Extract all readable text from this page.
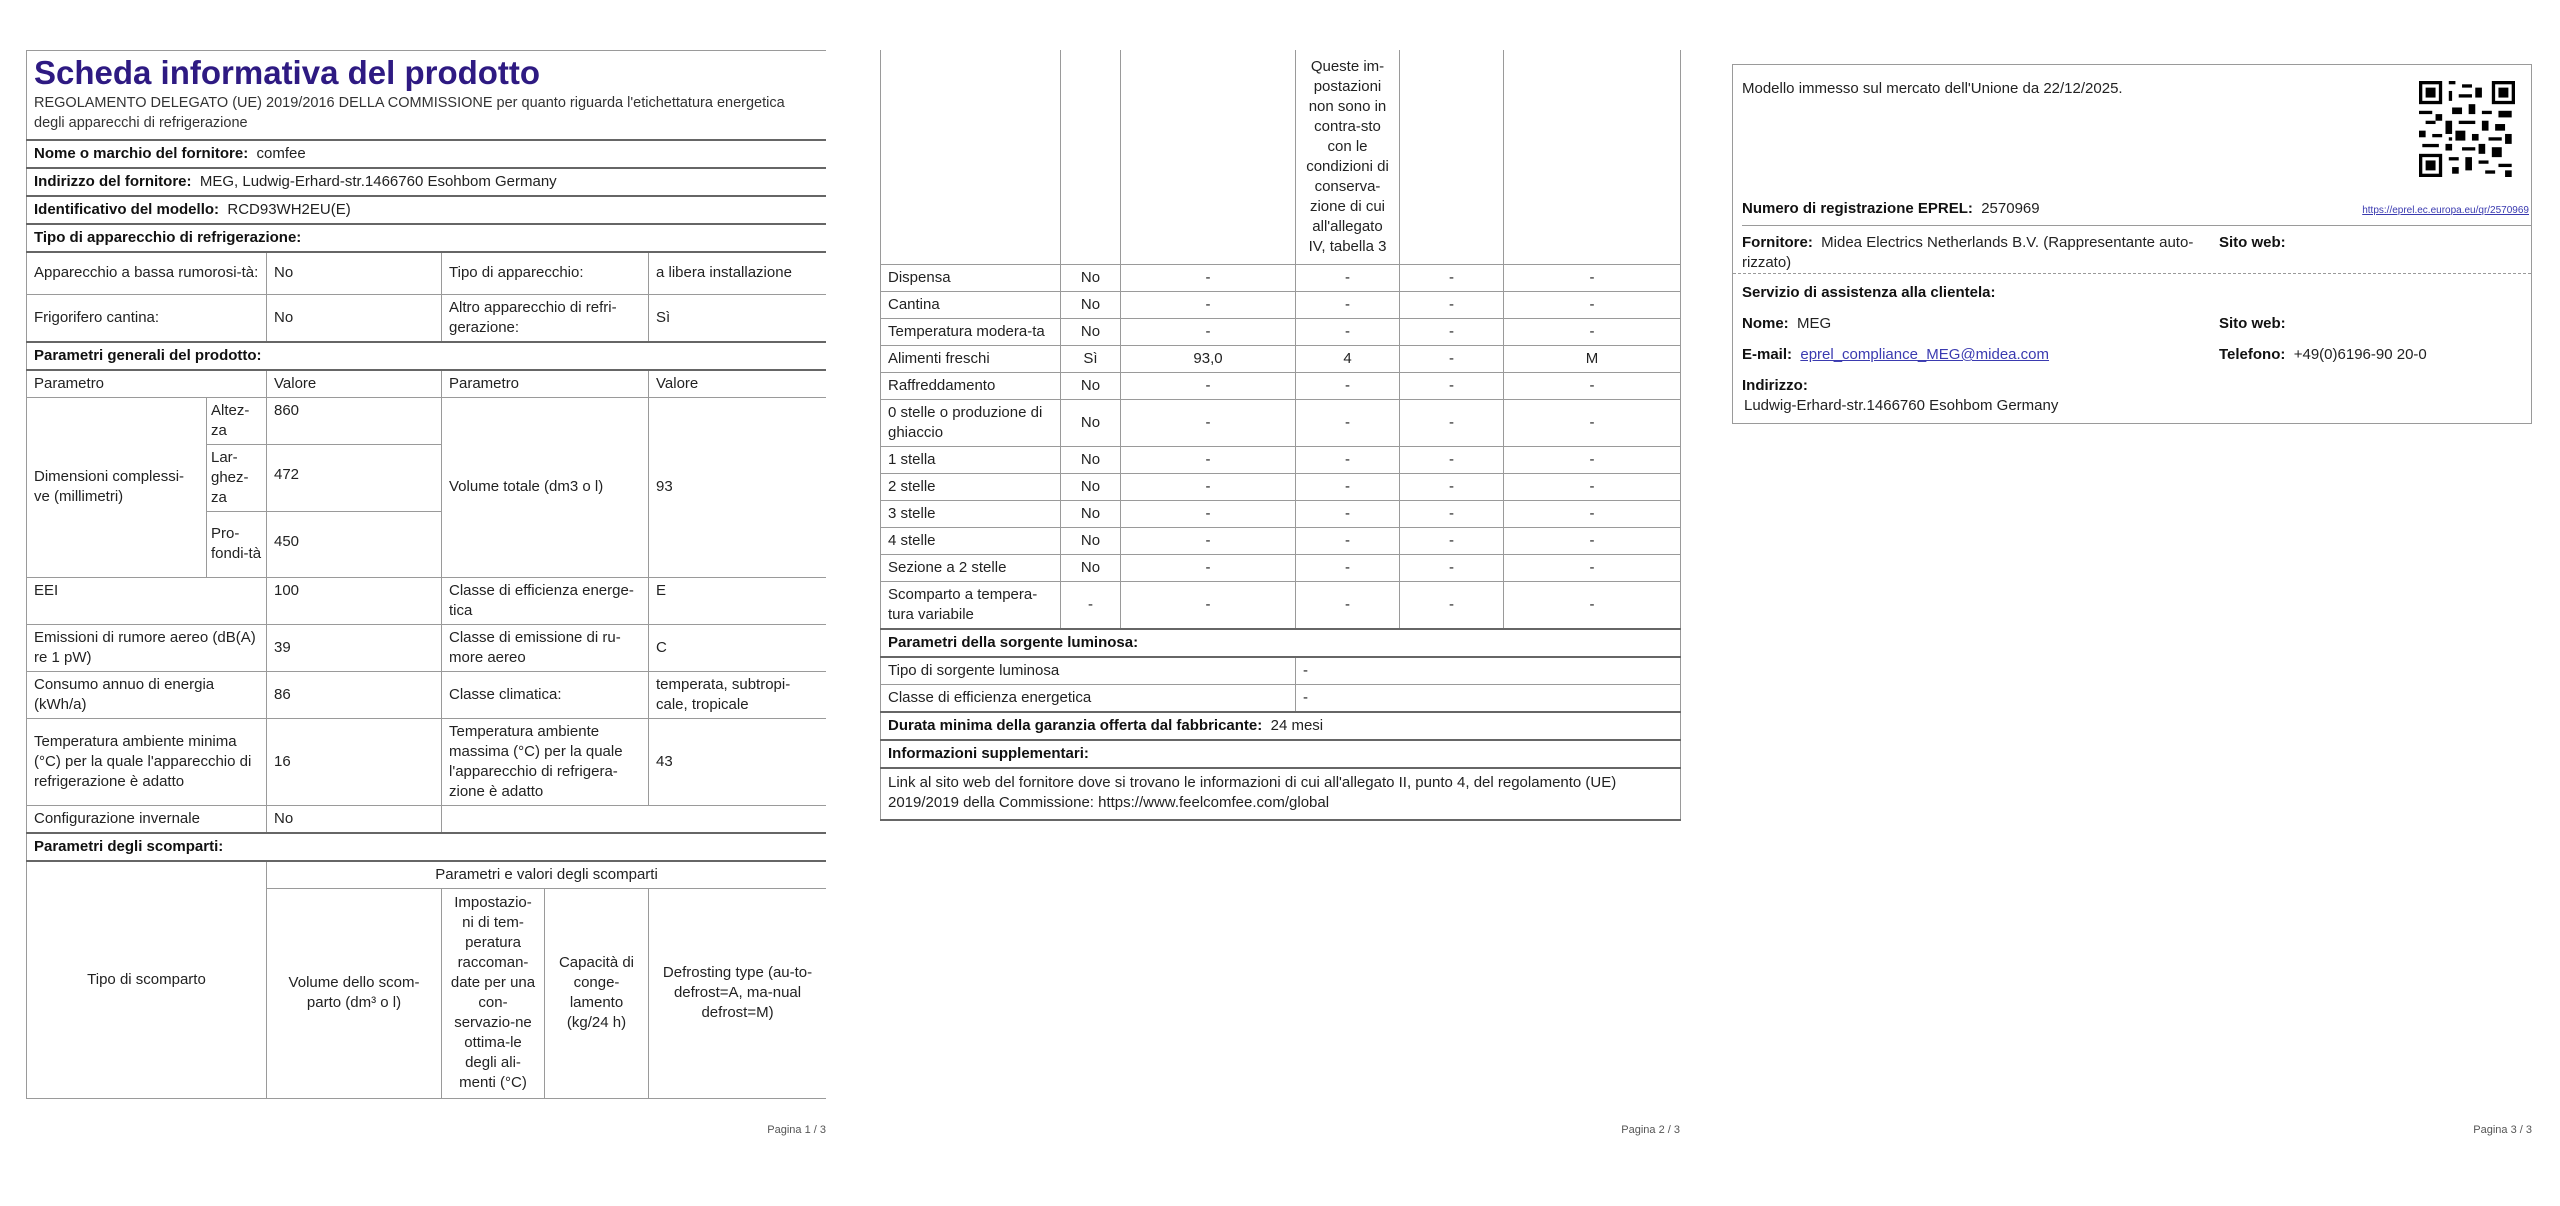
Scheda informativa del prodotto
REGOLAMENTO DELEGATO (UE) 2019/2016 DELLA COMMISSIONE per quanto riguarda l'etichettatura energetica degli apparecchi di refrigerazione					

Nome o marchio del fornitore: comfee					
Indirizzo del fornitore: MEG, Ludwig-Erhard-str.1466760 Esohbom Germany					
Identificativo del modello: RCD93WH2EU(E)					
Tipo di apparecchio di refrigerazione:					
Apparecchio a bassa rumorosi-tà:		No	Tipo di apparecchio:		a libera installazione
Frigorifero cantina:		No	Altro apparecchio di refri-gerazione:		Sì
Parametri generali del prodotto:					
Parametro		Valore	Parametro		Valore
Dimensioni complessi-ve (millimetri)	Altez-za	860	Volume totale (dm3 o l)		93
	Lar-ghez-za	472			
	Pro-fondi-tà	450			
EEI		100	Classe di efficienza energe-tica		E
Emissioni di rumore aereo (dB(A) re 1 pW)		39	Classe di emissione di ru-more aereo		C
Consumo annuo di energia (kWh/a)		86	Classe climatica:		temperata, subtropi-cale, tropicale
Temperatura ambiente minima (°C) per la quale l'apparecchio di refrigerazione è adatto		16	Temperatura ambiente massima (°C) per la quale l'apparecchio di refrigera-zione è adatto		43
Configurazione invernale		No			
Parametri degli scomparti:					
Tipo di scomparto		Parametri e valori degli scomparti			
		Volume dello scom-parto (dm³ o l)	Impostazio-ni di tem-peratura raccoman-date per una con-servazio-ne ottima-le degli ali-menti (°C)	Capacità di conge-lamento (kg/24 h)	Defrosting type (au-to-defrost=A, ma-nual defrost=M)
Pagina 1 / 3
			Queste im-postazioni non sono in contra-sto con le condizioni di conserva-zione di cui all'allegato IV, tabella 3		
Dispensa	No	-	-	-	-
Cantina	No	-	-	-	-
Temperatura modera-ta	No	-	-	-	-
Alimenti freschi	Sì	93,0	4	-	M
Raffreddamento	No	-	-	-	-
0 stelle o produzione di ghiaccio	No	-	-	-	-
1 stella	No	-	-	-	-
2 stelle	No	-	-	-	-
3 stelle	No	-	-	-	-
4 stelle	No	-	-	-	-
Sezione a 2 stelle	No	-	-	-	-
Scomparto a tempera-tura variabile	-	-	-	-	-
Parametri della sorgente luminosa:					
Tipo di sorgente luminosa			-		
Classe di efficienza energetica			-		
Durata minima della garanzia offerta dal fabbricante: 24 mesi					
Informazioni supplementari:					
Link al sito web del fornitore dove si trovano le informazioni di cui all'allegato II, punto 4, del regolamento (UE) 2019/2019 della Commissione: https://www.feelcomfee.com/global					
Pagina 2 / 3
Modello immesso sul mercato dell'Unione da 22/12/2025.
Numero di registrazione EPREL: 2570969	https://eprel.ec.europa.eu/qr/2570969
Fornitore: Midea Electrics Netherlands B.V. (Rappresentante auto-rizzato)
Sito web:
Servizio di assistenza alla clientela:
Nome: MEG	Sito web:
E-mail: eprel_compliance_MEG@midea.com	Telefono: +49(0)6196-90 20-0
Indirizzo:
Ludwig-Erhard-str.1466760 Esohbom Germany
Pagina 3 / 3
